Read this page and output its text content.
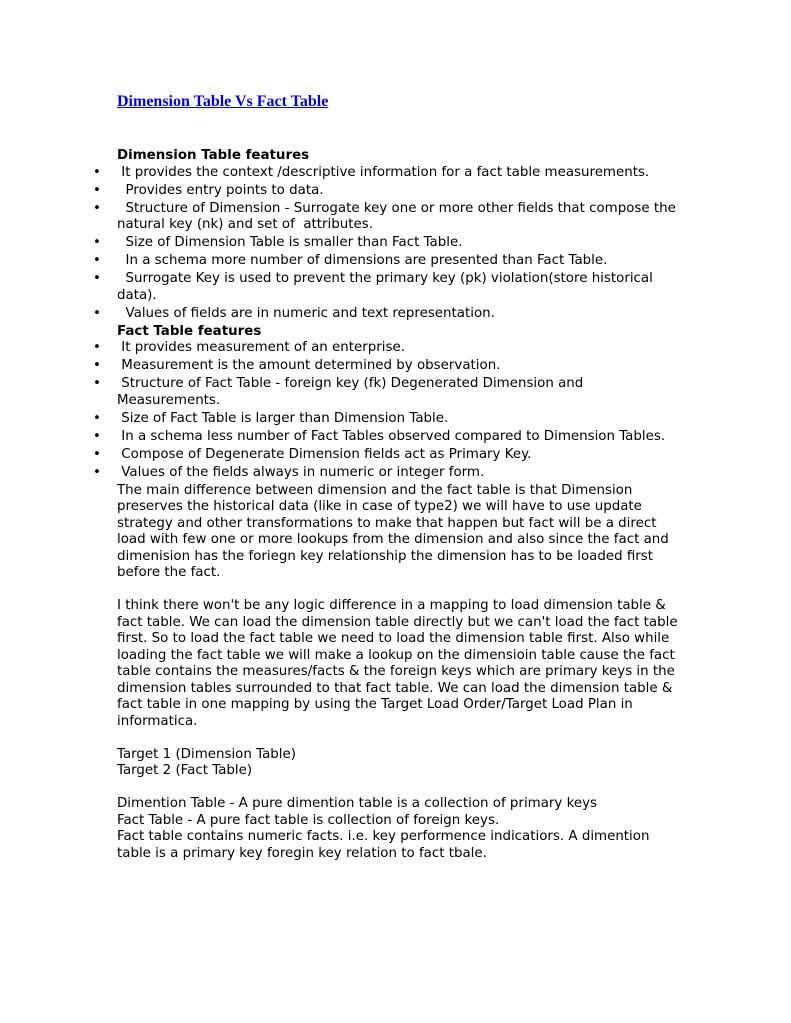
Dimension Table Vs Fact Table

Dimension Table features

• It provides the context /descriptive information for a fact table measurements.
• Provides entry points to data.
• Structure of Dimension - Surrogate key one or more other fields that compose the natural key (nk) and set of  attributes.
• Size of Dimension Table is smaller than Fact Table.
• In a schema more number of dimensions are presented than Fact Table.
• Surrogate Key is used to prevent the primary key (pk) violation(store historical data).
• Values of fields are in numeric and text representation.

Fact Table features

• It provides measurement of an enterprise.
• Measurement is the amount determined by observation.
• Structure of Fact Table - foreign key (fk) Degenerated Dimension and Measurements.
• Size of Fact Table is larger than Dimension Table.
• In a schema less number of Fact Tables observed compared to Dimension Tables.
• Compose of Degenerate Dimension fields act as Primary Key.
• Values of the fields always in numeric or integer form.

The main difference between dimension and the fact table is that Dimension preserves the historical data (like in case of type2) we will have to use update strategy and other transformations to make that happen but fact will be a direct load with few one or more lookups from the dimension and also since the fact and dimenision has the foriegn key relationship the dimension has to be loaded first before the fact.

I think there won't be any logic difference in a mapping to load dimension table & fact table. We can load the dimension table directly but we can't load the fact table first. So to load the fact table we need to load the dimension table first. Also while loading the fact table we will make a lookup on the dimensioin table cause the fact table contains the measures/facts & the foreign keys which are primary keys in the dimension tables surrounded to that fact table. We can load the dimension table & fact table in one mapping by using the Target Load Order/Target Load Plan in informatica.

Target 1 (Dimension Table)

Target 2 (Fact Table)

Dimention Table - A pure dimention table is a collection of primary keys

Fact Table - A pure fact table is collection of foreign keys.

Fact table contains numeric facts. i.e. key performence indicatiors. A dimention table is a primary key foregin key relation to fact tbale.
